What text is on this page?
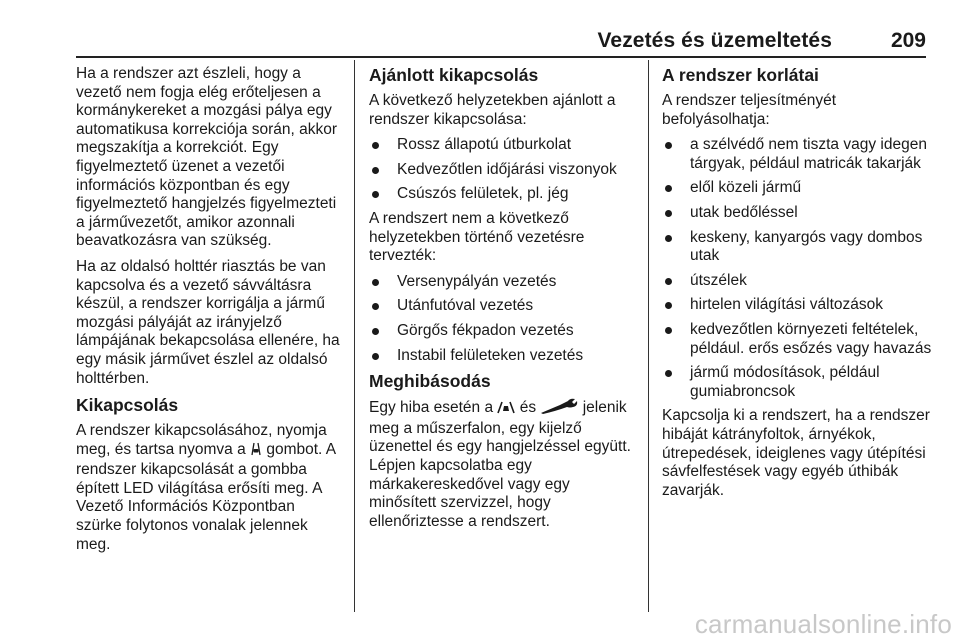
Vezetés és üzemeltetés	209

Ha a rendszer azt észleli, hogy a vezető nem fogja elég erőteljesen a kormánykereket a mozgási pálya egy automatikusa korrekciója során, akkor megszakítja a korrekciót. Egy figyelmeztető üzenet a vezetői információs központban és egy figyelmeztető hangjelzés figyelmezteti a járművezetőt, amikor azonnali beavatkozásra van szükség.

Ha az oldalsó holttér riasztás be van kapcsolva és a vezető sávváltásra készül, a rendszer korrigálja a jármű mozgási pályáját az irányjelző lámpájának bekapcsolása ellenére, ha egy másik járművet észlel az oldalsó holttérben.

Kikapcsolás

A rendszer kikapcsolásához, nyomja meg, és tartsa nyomva a  gombot. A rendszer kikapcsolását a gombba épített LED világítása erősíti meg. A Vezető Információs Központban szürke folytonos vonalak jelennek meg.

Ajánlott kikapcsolás

A következő helyzetekben ajánlott a rendszer kikapcsolása:

Rossz állapotú útburkolat
Kedvezőtlen időjárási viszonyok
Csúszós felületek, pl. jég

A rendszert nem a következő helyzetekben történő vezetésre tervezték:

Versenypályán vezetés
Utánfutóval vezetés
Görgős fékpadon vezetés
Instabil felületeken vezetés
Meghibásodás

Egy hiba esetén a  és  jelenik meg a műszerfalon, egy kijelző üzenettel és egy hangjelzéssel együtt. Lépjen kapcsolatba egy márkakereskedővel vagy egy minősített szervizzel, hogy ellenőriztesse a rendszert.

A rendszer korlátai

A rendszer teljesítményét befolyásolhatja:

a szélvédő nem tiszta vagy idegen tárgyak, például matricák takarják
elől közeli jármű
utak bedőléssel
keskeny, kanyargós vagy dombos utak
útszélek
hirtelen világítási változások
kedvezőtlen környezeti feltételek, például. erős esőzés vagy havazás
jármű módosítások, például gumiabroncsok

Kapcsolja ki a rendszert, ha a rendszer hibáját kátrányfoltok, árnyékok, útrepedések, ideiglenes vagy útépítési sávfelfestések vagy egyéb úthibák zavarják.

carmanualsonline.info
